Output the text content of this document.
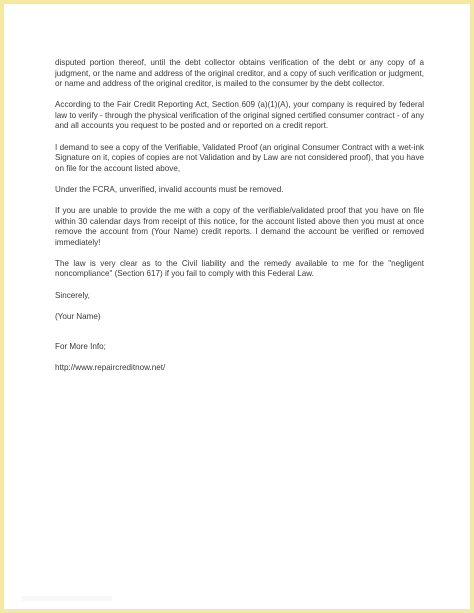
disputed portion thereof, until the debt collector obtains verification of the debt or any copy of a judgment, or the name and address of the original creditor, and a copy of such verification or judgment, or name and address of the original creditor, is mailed to the consumer by the debt collector.

According to the Fair Credit Reporting Act, Section 609 (a)(1)(A), your company is required by federal law to verify - through the physical verification of the original signed certified consumer contract - of any and all accounts you request to be posted and or reported on a credit report.

I demand to see a copy of the Verifiable, Validated Proof (an original Consumer Contract with a wet-ink Signature on it, copies of copies are not Validation and by Law are not considered proof), that you have on file for the account listed above,

Under the FCRA, unverified, invalid accounts must be removed.

If you are unable to provide the me with a copy of the verifiable/validated proof that you have on file within 30 calendar days from receipt of this notice, for the account listed above then you must at once remove the account from (Your Name) credit reports. I demand the account be verified or removed immediately!

The law is very clear as to the Civil liability and the remedy available to me for the "negligent noncompliance" (Section 617) if you fail to comply with this Federal Law.

Sincerely,

(Your Name)

For More Info;

http://www.repaircreditnow.net/
